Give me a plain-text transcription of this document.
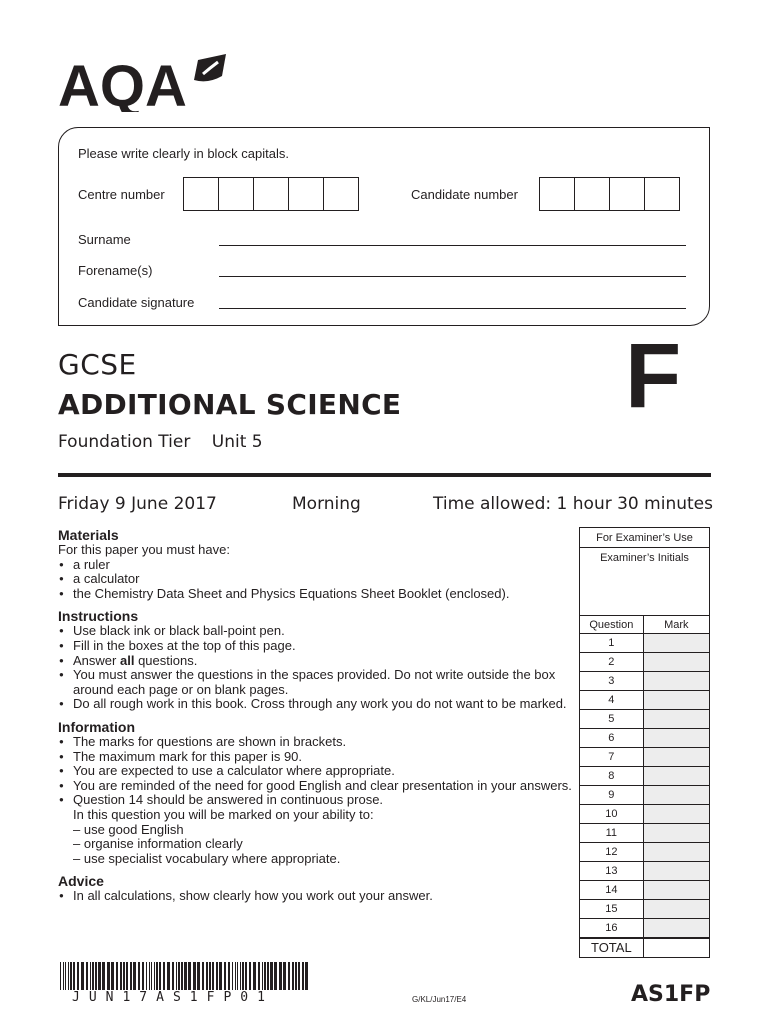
AQA
Please write clearly in block capitals.
Centre number	Candidate number
Surname
Forename(s)
Candidate signature
GCSE
ADDITIONAL SCIENCE
Foundation Tier Unit 5
F
Friday 9 June 2017	Morning	Time allowed: 1 hour 30 minutes
Materials
For this paper you must have:
● a ruler
● a calculator
● the Chemistry Data Sheet and Physics Equations Sheet Booklet (enclosed).
Instructions
● Use black ink or black ball-point pen.
● Fill in the boxes at the top of this page.
● Answer all questions.
● You must answer the questions in the spaces provided. Do not write outside the box around each page or on blank pages.
● Do all rough work in this book. Cross through any work you do not want to be marked.
Information
● The marks for questions are shown in brackets.
● The maximum mark for this paper is 90.
● You are expected to use a calculator where appropriate.
● You are reminded of the need for good English and clear presentation in your answers.
● Question 14 should be answered in continuous prose.
In this question you will be marked on your ability to:
– use good English
– organise information clearly
– use specialist vocabulary where appropriate.
Advice
● In all calculations, show clearly how you work out your answer.
For Examiner’s Use	
Examiner’s Initials	
Question	Mark
1	
2	
3	
4	
5	
6	
7	
8	
9	
10	
11	
12	
13	
14	
15	
16	
TOTAL	
JUN17AS1FP01	G/KL/Jun17/E4	AS1FP
